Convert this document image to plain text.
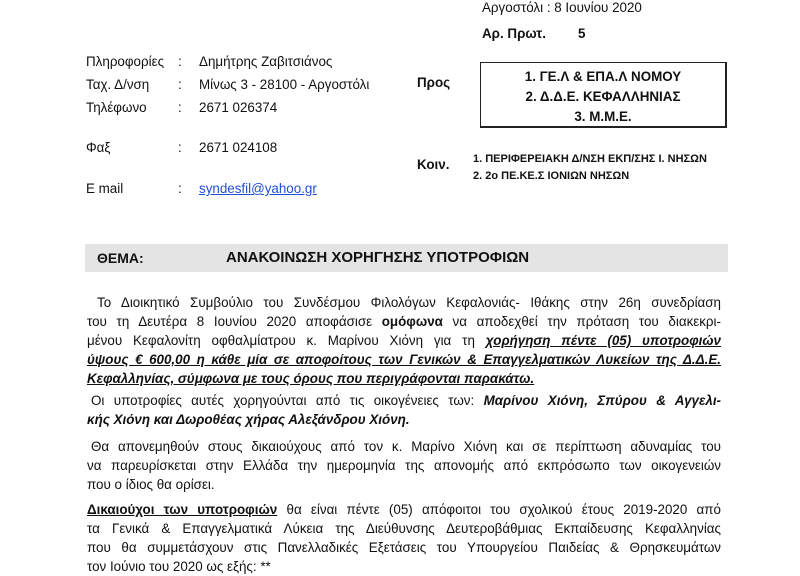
Αργοστόλι : 8 Ιουνίου 2020
Αρ. Πρωτ. 5
Πληροφορίες : Δημήτρης Ζαβιτσιάνος
Ταχ. Δ/νση : Μίνως 3 - 28100 - Αργοστόλι
Τηλέφωνο : 2671 026374
Φαξ	: 2671 024108
E mail	: syndesfil@yahoo.gr
Προς	1. ΓΕ.Λ & ΕΠΑ.Λ ΝΟΜΟΥ
2. Δ.Δ.Ε. ΚΕΦΑΛΛΗΝΙΑΣ
3. Μ.Μ.Ε.
Κοιν. 1. ΠΕΡΙΦΕΡΕΙΑΚΗ Δ/ΝΣΗ ΕΚΠ/ΣΗΣ Ι. ΝΗΣΩΝ
2. 2ο ΠΕ.ΚΕ.Σ ΙΟΝΙΩΝ ΝΗΣΩΝ
ΘΕΜΑ:	ΑΝΑΚΟΙΝΩΣΗ ΧΟΡΗΓΗΣΗΣ ΥΠΟΤΡΟΦΙΩΝ
Το Διοικητικό Συμβούλιο του Συνδέσμου Φιλολόγων Κεφαλονιάς- Ιθάκης στην 26η συνεδρίαση
του τη Δευτέρα 8 Ιουνίου 2020 αποφάσισε ομόφωνα να αποδεχθεί την πρόταση του διακεκρι-
μένου Κεφαλονίτη οφθαλμίατρου κ. Μαρίνου Χιόνη για τη χορήγηση πέντε (05) υποτροφιών
ύψους € 600,00 η κάθε μία σε αποφοίτους των Γενικών & Επαγγελματικών Λυκείων της Δ.Δ.Ε.
Κεφαλληνίας, σύμφωνα με τους όρους που περιγράφονται παρακάτω.
Οι υποτροφίες αυτές χορηγούνται από τις οικογένειες των: Μαρίνου Χιόνη, Σπύρου & Αγγελι-
κής Χιόνη και Δωροθέας χήρας Αλεξάνδρου Χιόνη.
Θα απονεμηθούν στους δικαιούχους από τον κ. Μαρίνο Χιόνη και σε περίπτωση αδυναμίας του
να παρευρίσκεται στην Ελλάδα την ημερομηνία της απονομής από εκπρόσωπο των οικογενειών
που ο ίδιος θα ορίσει.
Δικαιούχοι των υποτροφιών θα είναι πέντε (05) απόφοιτοι του σχολικού έτους 2019-2020 από
τα Γενικά & Επαγγελματικά Λύκεια της Διεύθυνσης Δευτεροβάθμιας Εκπαίδευσης Κεφαλληνίας
που θα συμμετάσχουν στις Πανελλαδικές Εξετάσεις του Υπουργείου Παιδείας & Θρησκευμάτων
τον Ιούνιο του 2020 ως εξής: **
